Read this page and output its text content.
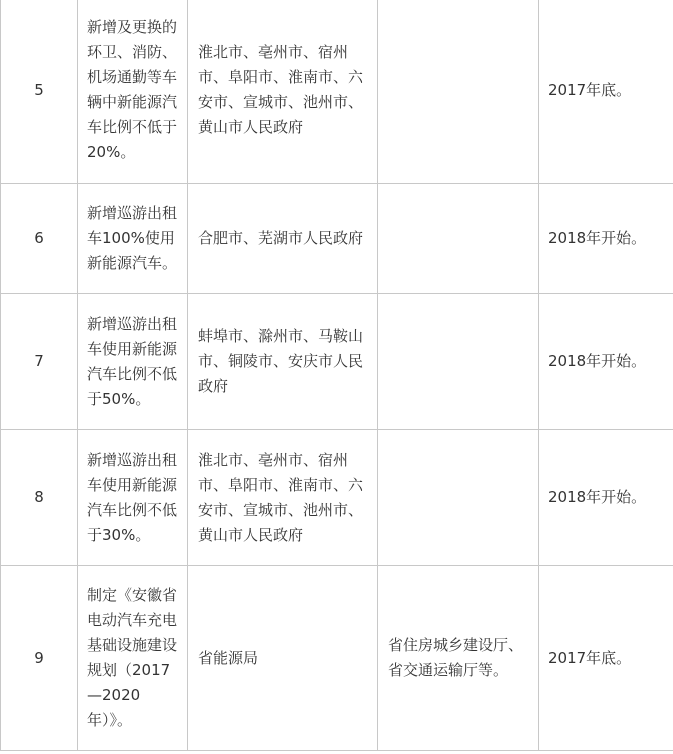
5	新增及更换的环卫、消防、机场通勤等车辆中新能源汽车比例不低于20%。	淮北市、亳州市、宿州市、阜阳市、淮南市、六安市、宣城市、池州市、黄山市人民政府		2017年底。

6	新增巡游出租车100%使用新能源汽车。	合肥市、芜湖市人民政府		2018年开始。

7	新增巡游出租车使用新能源汽车比例不低于50%。	蚌埠市、滁州市、马鞍山市、铜陵市、安庆市人民政府		2018年开始。

8	新增巡游出租车使用新能源汽车比例不低于30%。	淮北市、亳州市、宿州市、阜阳市、淮南市、六安市、宣城市、池州市、黄山市人民政府		2018年开始。

9	制定《安徽省电动汽车充电基础设施建设规划（2017—2020年）》。	省能源局	省住房城乡建设厅、省交通运输厅等。	2017年底。
